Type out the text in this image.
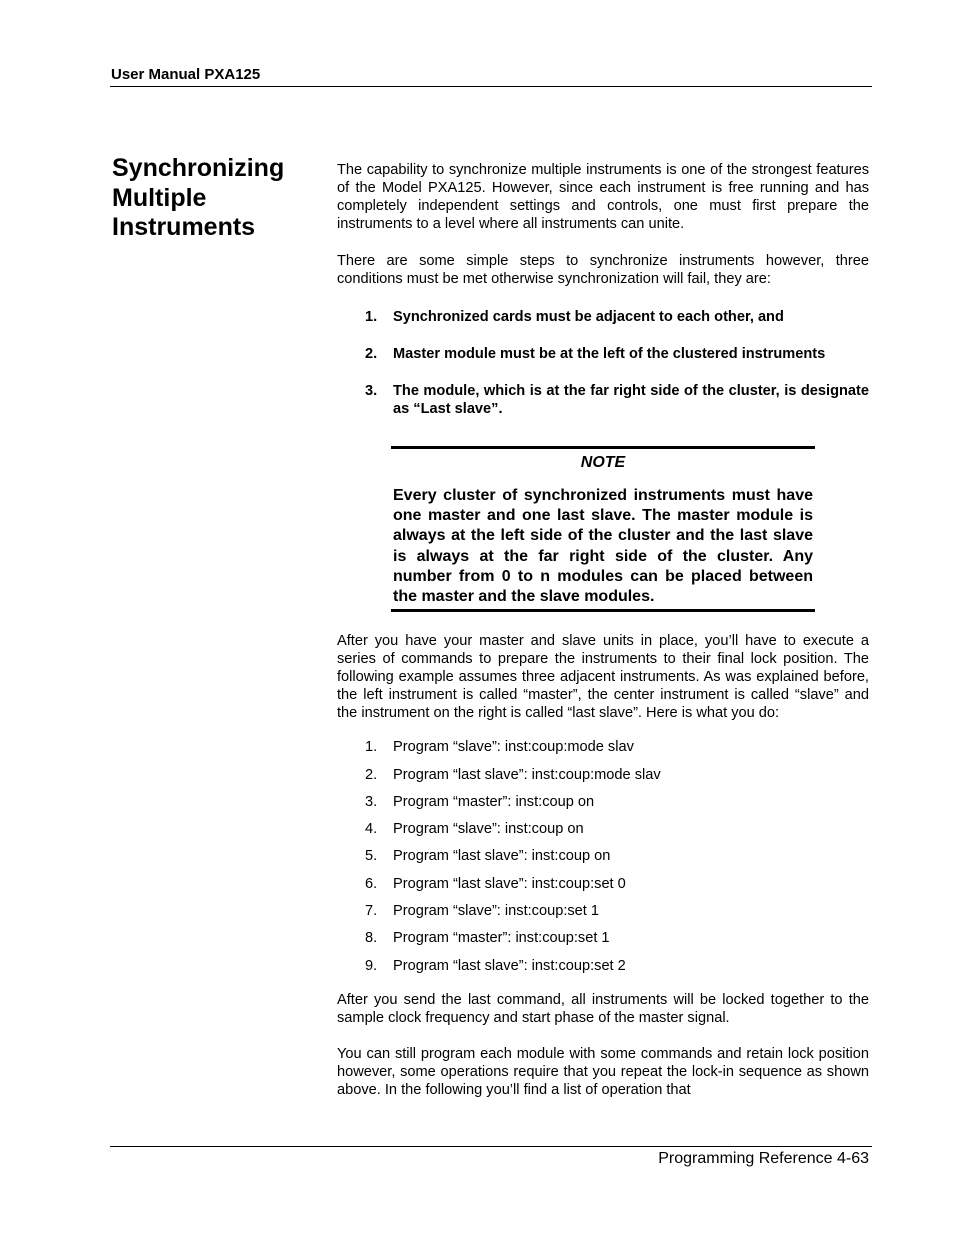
User Manual PXA125
Synchronizing Multiple Instruments

The capability to synchronize multiple instruments is one of the strongest features of the Model PXA125. However, since each instrument is free running and has completely independent settings and controls, one must first prepare the instruments to a level where all instruments can unite.

There are some simple steps to synchronize instruments however, three conditions must be met otherwise synchronization will fail, they are:

1. Synchronized cards must be adjacent to each other, and
2. Master module must be at the left of the clustered instruments
3. The module, which is at the far right side of the cluster, is designate as “Last slave”.
NOTE
Every cluster of synchronized instruments must have one master and one last slave. The master module is always at the left side of the cluster and the last slave is always at the far right side of the cluster. Any number from 0 to n modules can be placed between the master and the slave modules.

After you have your master and slave units in place, you’ll have to execute a series of commands to prepare the instruments to their final lock position. The following example assumes three adjacent instruments. As was explained before, the left instrument is called “master”, the center instrument is called “slave” and the instrument on the right is called “last slave”. Here is what you do:

1. Program “slave”: inst:coup:mode slav
2. Program “last slave”: inst:coup:mode slav
3. Program “master”: inst:coup on
4. Program “slave”: inst:coup on
5. Program “last slave”: inst:coup on
6. Program “last slave”: inst:coup:set 0
7. Program “slave”: inst:coup:set 1
8. Program “master”: inst:coup:set 1
9. Program “last slave”: inst:coup:set 2

After you send the last command, all instruments will be locked together to the sample clock frequency and start phase of the master signal.

You can still program each module with some commands and retain lock position however, some operations require that you repeat the lock-in sequence as shown above. In the following you’ll find a list of operation that

Programming Reference 4-63
